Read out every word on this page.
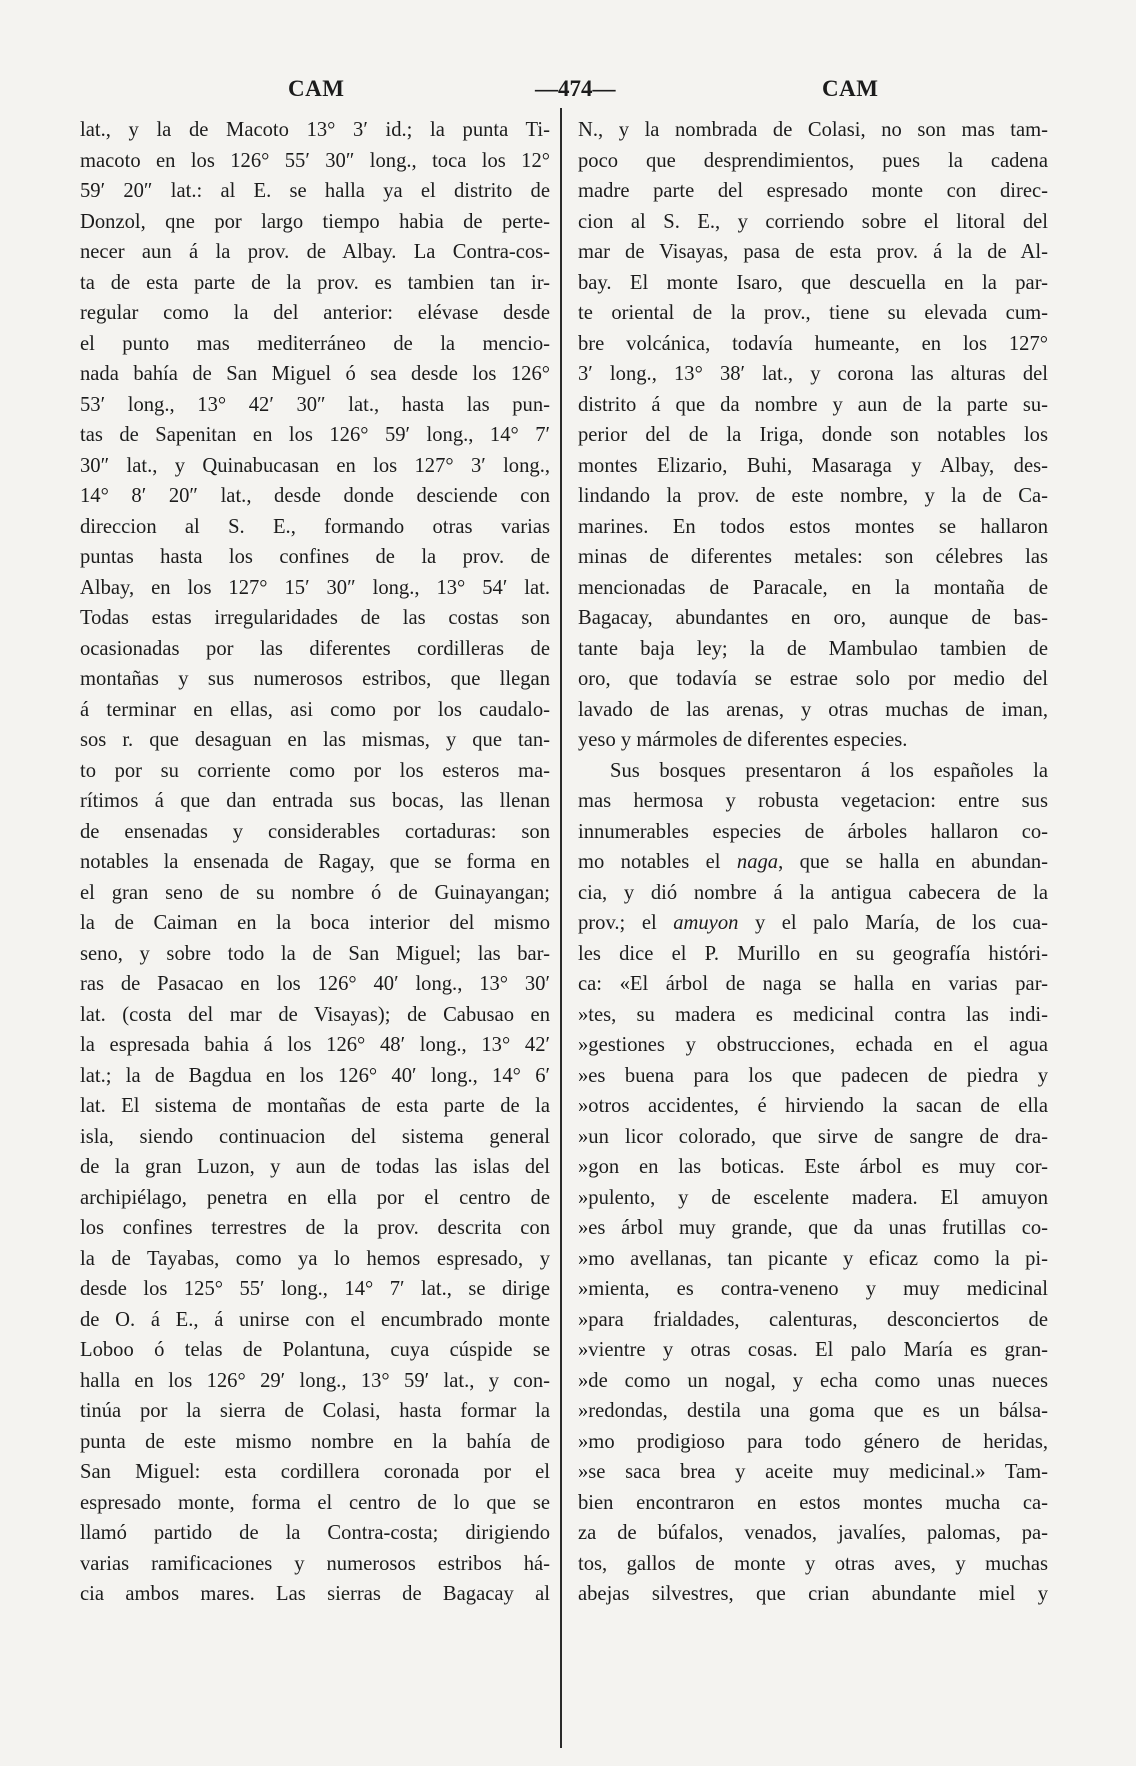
CAM	—474—	CAM
lat., y la de Macoto 13° 3′ id.; la punta Ti-
macoto en los 126° 55′ 30″ long., toca los 12°
59′ 20″ lat.: al E. se halla ya el distrito de
Donzol, qne por largo tiempo habia de perte-
necer aun á la prov. de Albay. La Contra-cos-
ta de esta parte de la prov. es tambien tan ir-
regular como la del anterior: elévase desde
el punto mas mediterráneo de la mencio-
nada bahía de San Miguel ó sea desde los 126°
53′ long., 13° 42′ 30″ lat., hasta las pun-
tas de Sapenitan en los 126° 59′ long., 14° 7′
30″ lat., y Quinabucasan en los 127° 3′ long.,
14° 8′ 20″ lat., desde donde desciende con
direccion al S. E., formando otras varias
puntas hasta los confines de la prov. de
Albay, en los 127° 15′ 30″ long., 13° 54′ lat.
Todas estas irregularidades de las costas son
ocasionadas por las diferentes cordilleras de
montañas y sus numerosos estribos, que llegan
á terminar en ellas, asi como por los caudalo-
sos r. que desaguan en las mismas, y que tan-
to por su corriente como por los esteros ma-
rítimos á que dan entrada sus bocas, las llenan
de ensenadas y considerables cortaduras: son
notables la ensenada de Ragay, que se forma en
el gran seno de su nombre ó de Guinayangan;
la de Caiman en la boca interior del mismo
seno, y sobre todo la de San Miguel; las bar-
ras de Pasacao en los 126° 40′ long., 13° 30′
lat. (costa del mar de Visayas); de Cabusao en
la espresada bahia á los 126° 48′ long., 13° 42′
lat.; la de Bagdua en los 126° 40′ long., 14° 6′
lat. El sistema de montañas de esta parte de la
isla, siendo continuacion del sistema general
de la gran Luzon, y aun de todas las islas del
archipiélago, penetra en ella por el centro de
los confines terrestres de la prov. descrita con
la de Tayabas, como ya lo hemos espresado, y
desde los 125° 55′ long., 14° 7′ lat., se dirige
de O. á E., á unirse con el encumbrado monte
Loboo ó telas de Polantuna, cuya cúspide se
halla en los 126° 29′ long., 13° 59′ lat., y con-
tinúa por la sierra de Colasi, hasta formar la
punta de este mismo nombre en la bahía de
San Miguel: esta cordillera coronada por el
espresado monte, forma el centro de lo que se
llamó partido de la Contra-costa; dirigiendo
varias ramificaciones y numerosos estribos há-
cia ambos mares. Las sierras de Bagacay al
N., y la nombrada de Colasi, no son mas tam-
poco que desprendimientos, pues la cadena
madre parte del espresado monte con direc-
cion al S. E., y corriendo sobre el litoral del
mar de Visayas, pasa de esta prov. á la de Al-
bay. El monte Isaro, que descuella en la par-
te oriental de la prov., tiene su elevada cum-
bre volcánica, todavía humeante, en los 127°
3′ long., 13° 38′ lat., y corona las alturas del
distrito á que da nombre y aun de la parte su-
perior del de la Iriga, donde son notables los
montes Elizario, Buhi, Masaraga y Albay, des-
lindando la prov. de este nombre, y la de Ca-
marines. En todos estos montes se hallaron
minas de diferentes metales: son célebres las
mencionadas de Paracale, en la montaña de
Bagacay, abundantes en oro, aunque de bas-
tante baja ley; la de Mambulao tambien de
oro, que todavía se estrae solo por medio del
lavado de las arenas, y otras muchas de iman,
yeso y mármoles de diferentes especies.
Sus bosques presentaron á los españoles la
mas hermosa y robusta vegetacion: entre sus
innumerables especies de árboles hallaron co-
mo notables el naga, que se halla en abundan-
cia, y dió nombre á la antigua cabecera de la
prov.; el amuyon y el palo María, de los cua-
les dice el P. Murillo en su geografía históri-
ca: «El árbol de naga se halla en varias par-
»tes, su madera es medicinal contra las indi-
»gestiones y obstrucciones, echada en el agua
»es buena para los que padecen de piedra y
»otros accidentes, é hirviendo la sacan de ella
»un licor colorado, que sirve de sangre de dra-
»gon en las boticas. Este árbol es muy cor-
»pulento, y de escelente madera. El amuyon
»es árbol muy grande, que da unas frutillas co-
»mo avellanas, tan picante y eficaz como la pi-
»mienta, es contra-veneno y muy medicinal
»para frialdades, calenturas, desconciertos de
»vientre y otras cosas. El palo María es gran-
»de como un nogal, y echa como unas nueces
»redondas, destila una goma que es un bálsa-
»mo prodigioso para todo género de heridas,
»se saca brea y aceite muy medicinal.» Tam-
bien encontraron en estos montes mucha ca-
za de búfalos, venados, javalíes, palomas, pa-
tos, gallos de monte y otras aves, y muchas
abejas silvestres, que crian abundante miel y
